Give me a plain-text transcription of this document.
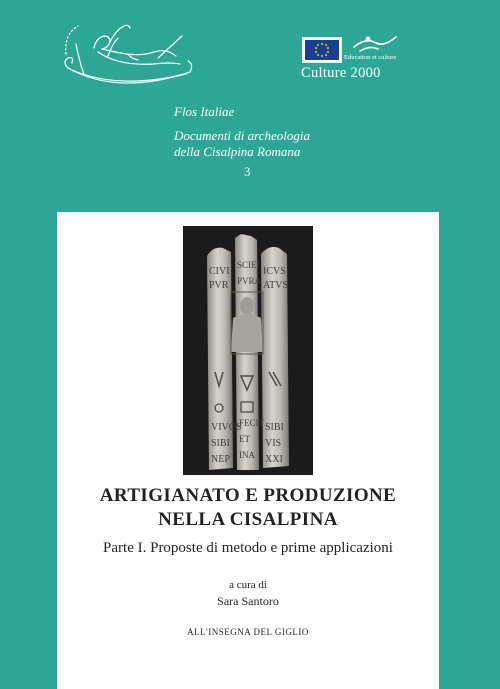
Education et culture
Culture 2000
Flos Italiae
Documenti di archeologia
della Cisalpina Romana
3
CIVI
SCIEI
ICVS
PVR PVRA ATVS
VIVOS
FECIT SIBI
SIBI ET VIS
NEP INA XXI
ARTIGIANATO E PRODUZIONE
NELLA CISALPINA
Parte I. Proposte di metodo e prime applicazioni
a cura di
Sara Santoro
ALL'INSEGNA DEL GIGLIO
